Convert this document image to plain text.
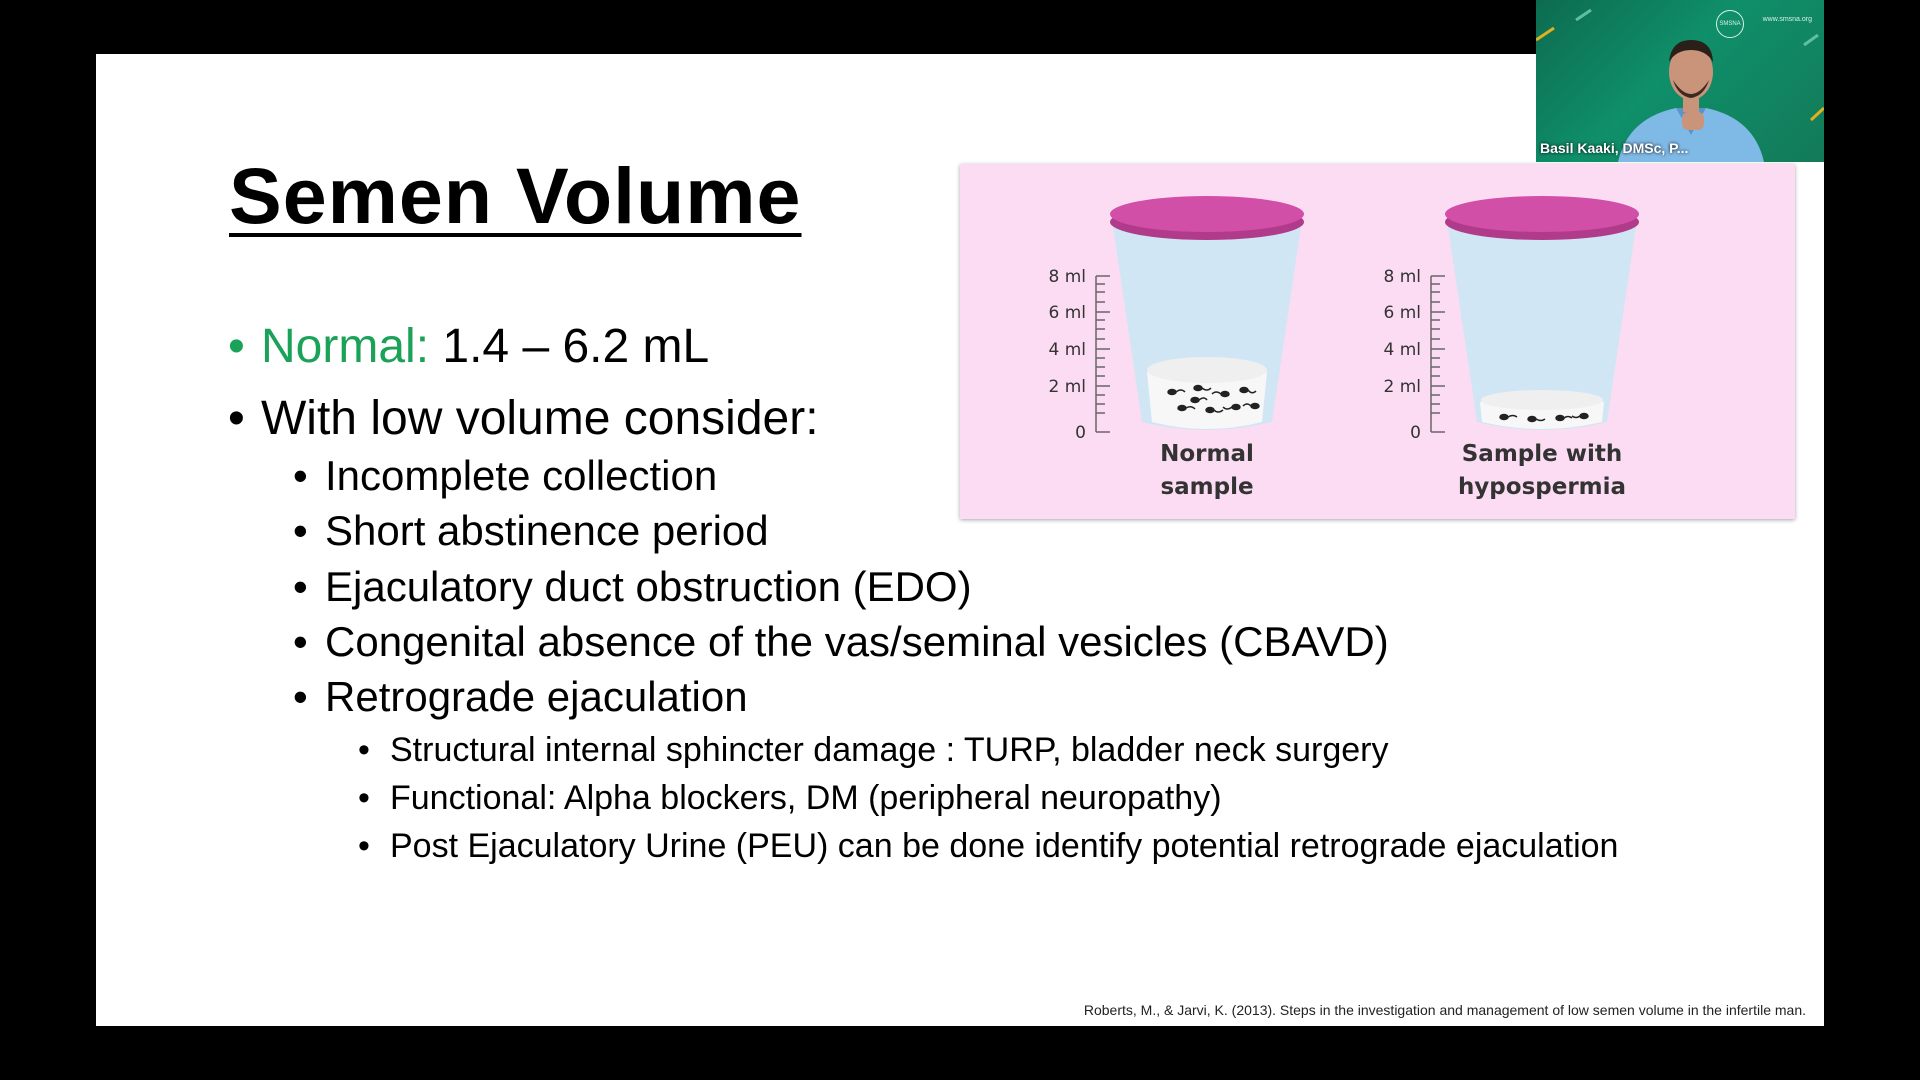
Semen Volume
• Normal: 1.4 – 6.2 mL
• With low volume consider:
• Incomplete collection
• Short abstinence period
• Ejaculatory duct obstruction (EDO)
• Congenital absence of the vas/seminal vesicles (CBAVD)
• Retrograde ejaculation
• Structural internal sphincter damage : TURP, bladder neck surgery
• Functional: Alpha blockers, DM (peripheral neuropathy)
• Post Ejaculatory Urine (PEU) can be done identify potential retrograde ejaculation
Roberts, M., & Jarvi, K. (2013). Steps in the investigation and management of low semen volume in the infertile man.
8 ml
6 ml
4 ml
2 ml
0
8 ml
6 ml
4 ml
2 ml
0
Normal
sample
Sample with
hypospermia
SMSNA
www.smsna.org
Basil Kaaki, DMSc, P...
